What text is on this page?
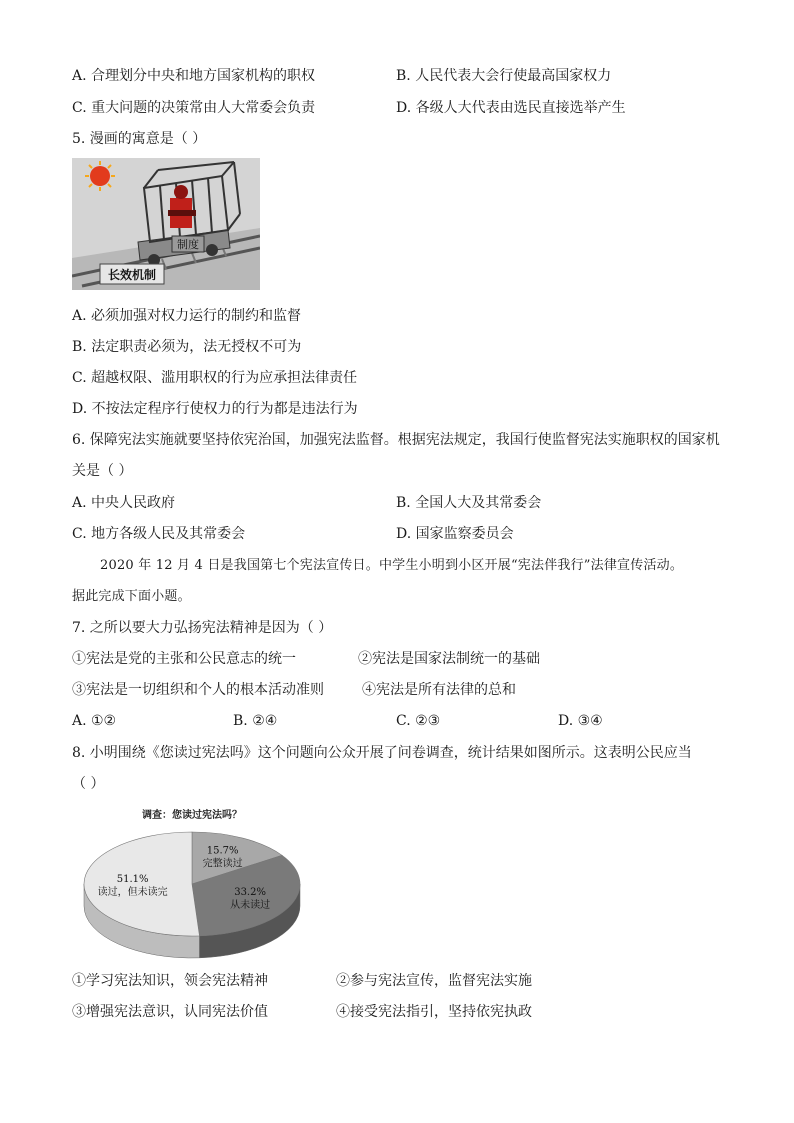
A. 合理划分中央和地方国家机构的职权	B. 人民代表大会行使最高国家权力
C. 重大问题的决策常由人大常委会负责	D. 各级人大代表由选民直接选举产生
5. 漫画的寓意是（ ）
制度
长效机制
A. 必须加强对权力运行的制约和监督
B. 法定职责必须为，法无授权不可为
C. 超越权限、滥用职权的行为应承担法律责任
D. 不按法定程序行使权力的行为都是违法行为
6. 保障宪法实施就要坚持依宪治国，加强宪法监督。根据宪法规定，我国行使监督宪法实施职权的国家机
关是（ ）
A. 中央人民政府	B. 全国人大及其常委会
C. 地方各级人民及其常委会	D. 国家监察委员会
2020 年 12 月 4 日是我国第七个宪法宣传日。中学生小明到小区开展“宪法伴我行”法律宣传活动。
据此完成下面小题。
7. 之所以要大力弘扬宪法精神是因为（ ）
①宪法是党的主张和公民意志的统一	②宪法是国家法制统一的基础
③宪法是一切组织和个人的根本活动准则	④宪法是所有法律的总和
A. ①②	B. ②④	C. ②③	D. ③④
8. 小明围绕《您读过宪法吗》这个问题向公众开展了问卷调查，统计结果如图所示。这表明公民应当
（ ）
调查：您读过宪法吗？
15.7%
完整读过
33.2%
从未读过
51.1%
读过，但未读完
①学习宪法知识，领会宪法精神	②参与宪法宣传，监督宪法实施
③增强宪法意识，认同宪法价值	④接受宪法指引，坚持依宪执政
